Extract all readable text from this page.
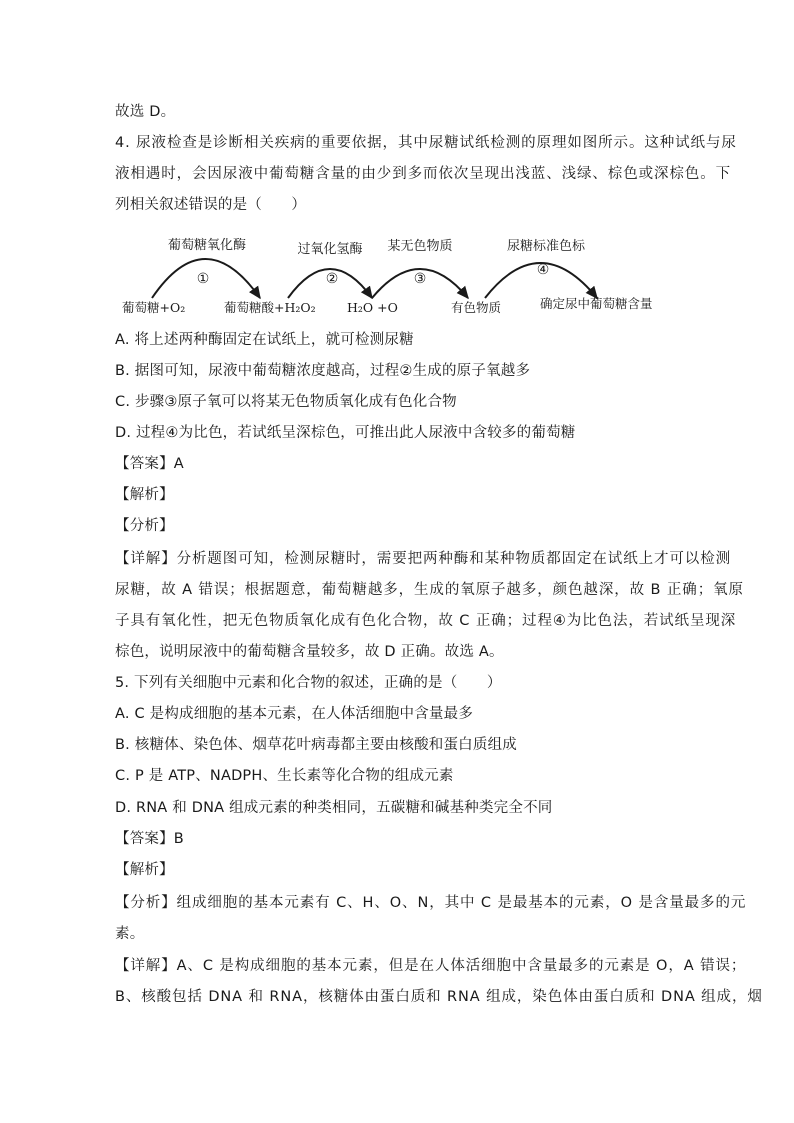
故选 D。
4. 尿液检查是诊断相关疾病的重要依据，其中尿糖试纸检测的原理如图所示。这种试纸与尿
液相遇时，会因尿液中葡萄糖含量的由少到多而依次呈现出浅蓝、浅绿、棕色或深棕色。下
列相关叙述错误的是（　　）
葡萄糖氧化酶	过氧化氢酶 某无色物质	尿糖标准色标
①	②	③
④
葡萄糖+O₂	葡萄糖酸+H₂O₂	H₂O +O	有色物质	确定尿中葡萄糖含量
A. 将上述两种酶固定在试纸上，就可检测尿糖
B. 据图可知，尿液中葡萄糖浓度越高，过程②生成的原子氧越多
C. 步骤③原子氧可以将某无色物质氧化成有色化合物
D. 过程④为比色，若试纸呈深棕色，可推出此人尿液中含较多的葡萄糖
【答案】A
【解析】
【分析】
【详解】分析题图可知，检测尿糖时，需要把两种酶和某种物质都固定在试纸上才可以检测
尿糖，故 A 错误；根据题意，葡萄糖越多，生成的氧原子越多，颜色越深，故 B 正确；氧原
子具有氧化性，把无色物质氧化成有色化合物，故 C 正确；过程④为比色法，若试纸呈现深
棕色，说明尿液中的葡萄糖含量较多，故 D 正确。故选 A。
5. 下列有关细胞中元素和化合物的叙述，正确的是（　　）
A. C 是构成细胞的基本元素，在人体活细胞中含量最多
B. 核糖体、染色体、烟草花叶病毒都主要由核酸和蛋白质组成
C. P 是 ATP、NADPH、生长素等化合物的组成元素
D. RNA 和 DNA 组成元素的种类相同，五碳糖和碱基种类完全不同
【答案】B
【解析】
【分析】组成细胞的基本元素有 C、H、O、N，其中 C 是最基本的元素，O 是含量最多的元
素。
【详解】A、C 是构成细胞的基本元素，但是在人体活细胞中含量最多的元素是 O，A 错误；
B、核酸包括 DNA 和 RNA，核糖体由蛋白质和 RNA 组成，染色体由蛋白质和 DNA 组成，烟
